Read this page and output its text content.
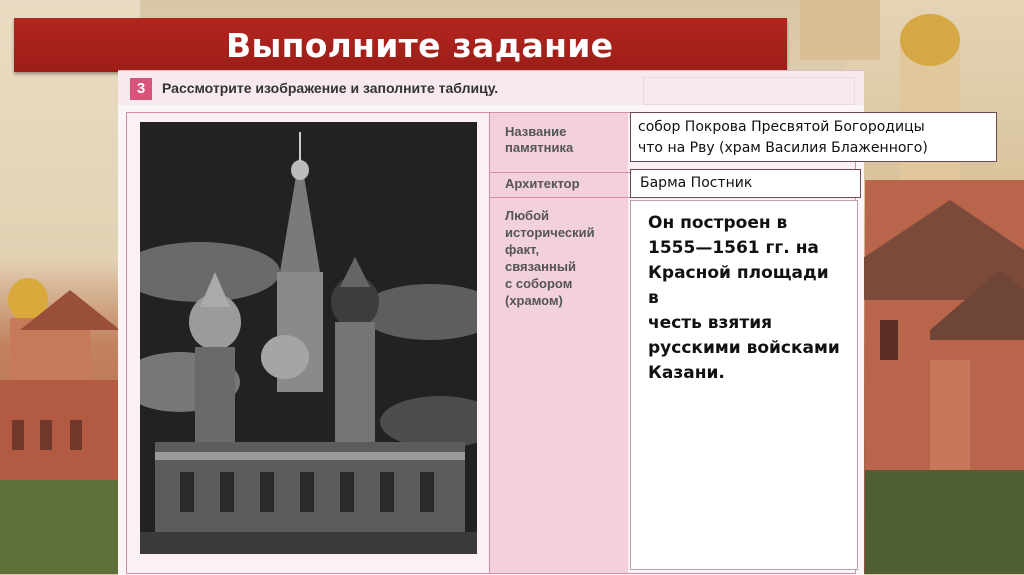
Выполните задание
3	Рассмотрите изображение и заполните таблицу.
Название
памятника
Архитектор
Любой
исторический
факт,
связанный
с собором
(храмом)
собор Покрова Пресвятой Богородицы
что на Рву (храм Василия Блаженного)
Барма Постник
Он построен в
1555—1561 гг. на
Красной площади в
честь взятия
русскими войсками
Казани.
